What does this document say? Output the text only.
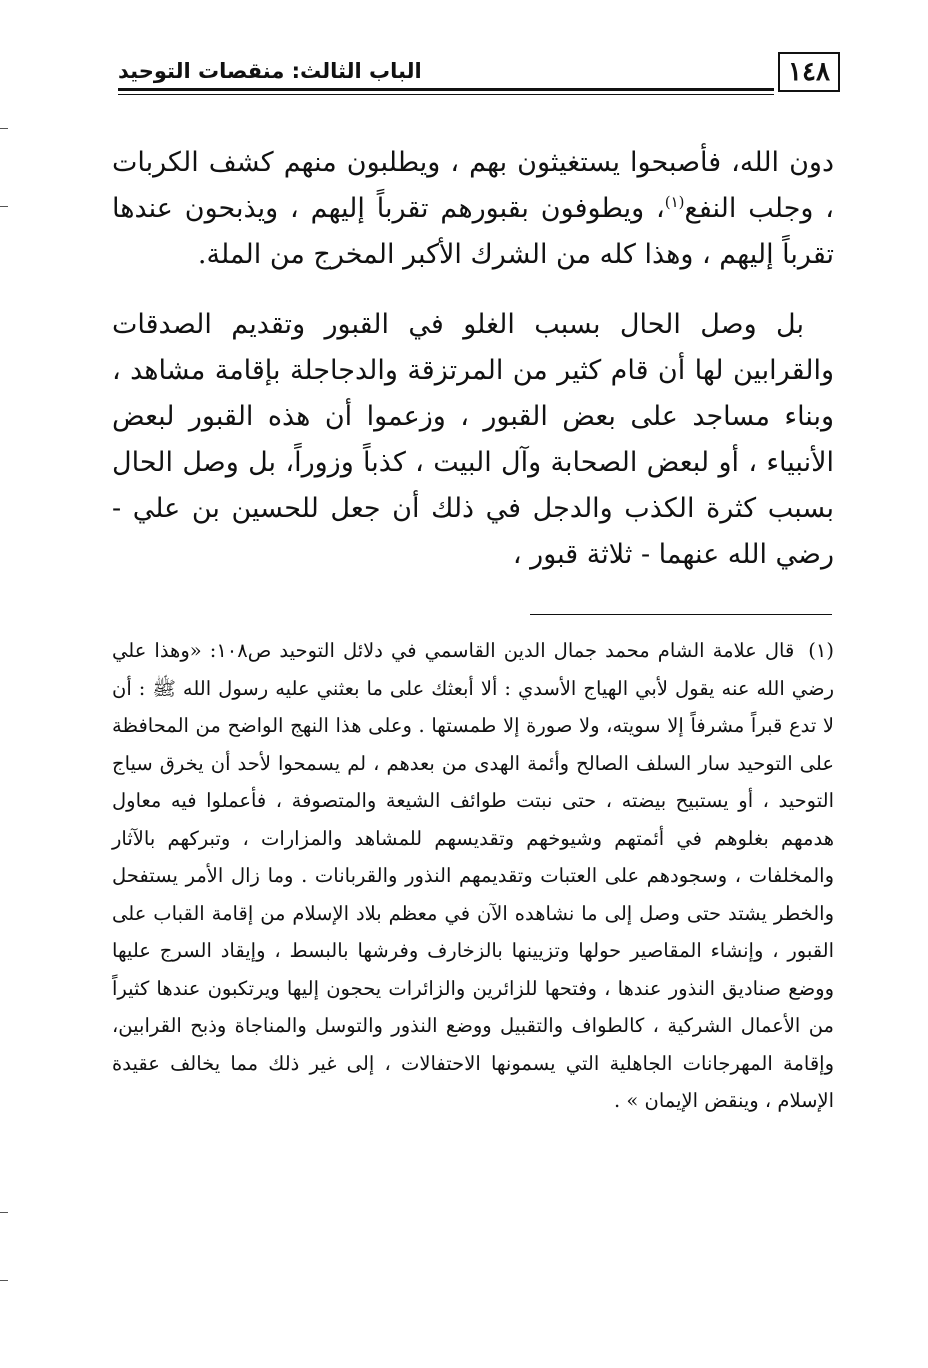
١٤٨
الباب الثالث: منقصات التوحيد

دون الله، فأصبحوا يستغيثون بهم ، ويطلبون منهم كشف الكربات ، وجلب النفع$^{(١)}$، ويطوفون بقبورهم تقرباً إليهم ، ويذبحون عندها تقرباً إليهم ، وهذا كله من الشرك الأكبر المخرج من الملة.

بل وصل الحال بسبب الغلو في القبور وتقديم الصدقات والقرابين لها أن قام كثير من المرتزقة والدجاجلة بإقامة مشاهد ، وبناء مساجد على بعض القبور ، وزعموا أن هذه القبور لبعض الأنبياء ، أو لبعض الصحابة وآل البيت ، كذباً وزوراً، بل وصل الحال بسبب كثرة الكذب والدجل في ذلك أن جعل للحسين بن علي - رضي الله عنهما - ثلاثة قبور ،

(١)قال علامة الشام محمد جمال الدين القاسمي في دلائل التوحيد ص١٠٨: «وهذا علي رضي الله عنه يقول لأبي الهياج الأسدي : ألا أبعثك على ما بعثني عليه رسول الله ﷺ : أن لا تدع قبراً مشرفاً إلا سويته، ولا صورة إلا طمستها . وعلى هذا النهج الواضح من المحافظة على التوحيد سار السلف الصالح وأئمة الهدى من بعدهم ، لم يسمحوا لأحد أن يخرق سياج التوحيد ، أو يستبيح بيضته ، حتى نبتت طوائف الشيعة والمتصوفة ، فأعملوا فيه معاول هدمهم بغلوهم في أئمتهم وشيوخهم وتقديسهم للمشاهد والمزارات ، وتبركهم بالآثار والمخلفات ، وسجودهم على العتبات وتقديمهم النذور والقربانات . وما زال الأمر يستفحل والخطر يشتد حتى وصل إلى ما نشاهده الآن في معظم بلاد الإسلام من إقامة القباب على القبور ، وإنشاء المقاصير حولها وتزيينها بالزخارف وفرشها بالبسط ، وإيقاد السرج عليها ووضع صناديق النذور عندها ، وفتحها للزائرين والزائرات يحجون إليها ويرتكبون عندها كثيراً من الأعمال الشركية ، كالطواف والتقبيل ووضع النذور والتوسل والمناجاة وذبح القرابين، وإقامة المهرجانات الجاهلية التي يسمونها الاحتفالات ، إلى غير ذلك مما يخالف عقيدة الإسلام ، وينقض الإيمان » .
